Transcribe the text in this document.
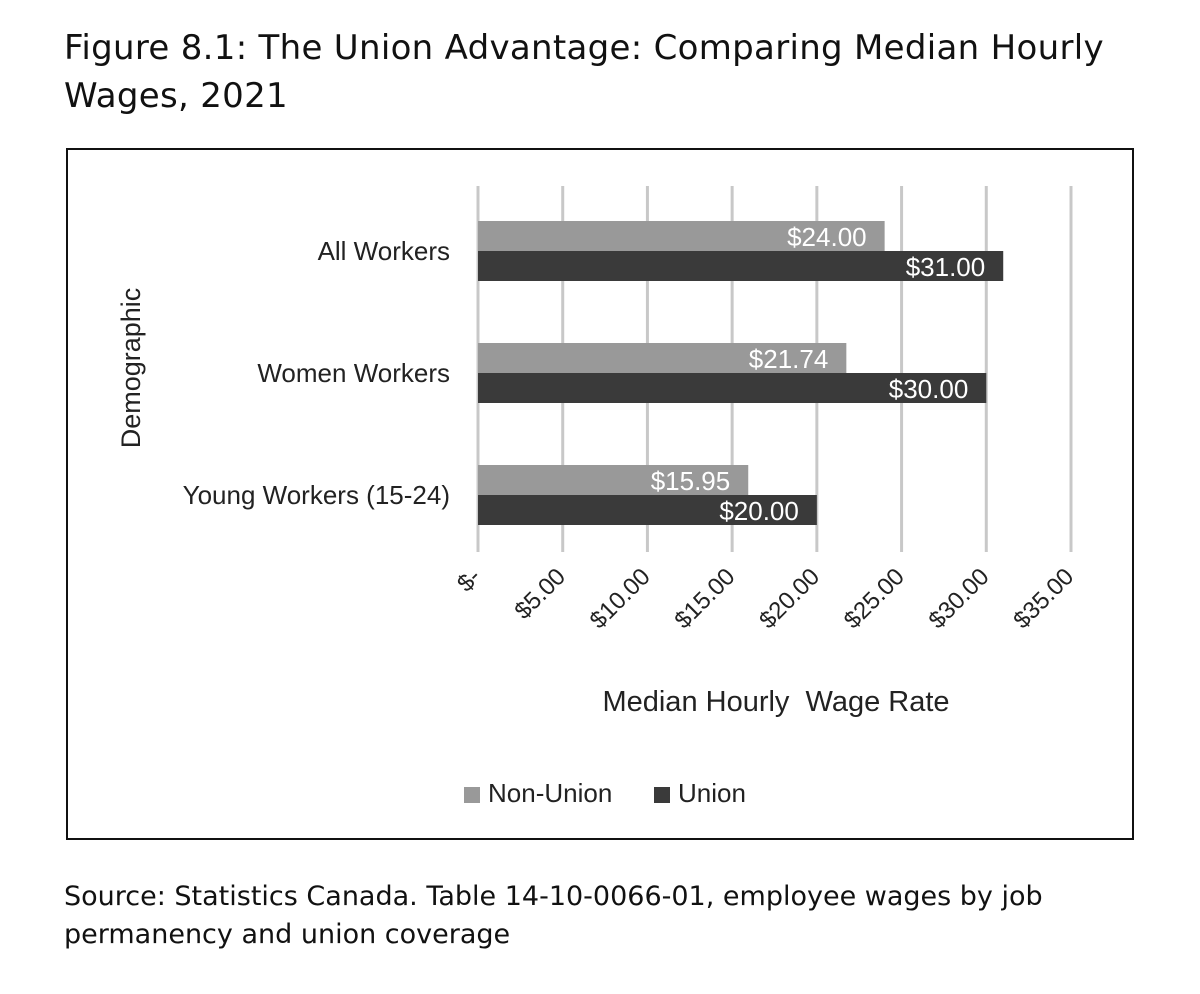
Figure 8.1: The Union Advantage: Comparing Median Hourly Wages, 2021
$24.00
$31.00
$21.74
$30.00
$15.95
$20.00
All Workers
Women Workers
Young Workers (15-24)
$- $5.00 $10.00 $15.00 $20.00 $25.00 $30.00 $35.00
Demographic
Median Hourly  Wage Rate
Non-Union	Union

Source: Statistics Canada. Table 14-10-0066-01, employee wages by job permanency and union coverage
